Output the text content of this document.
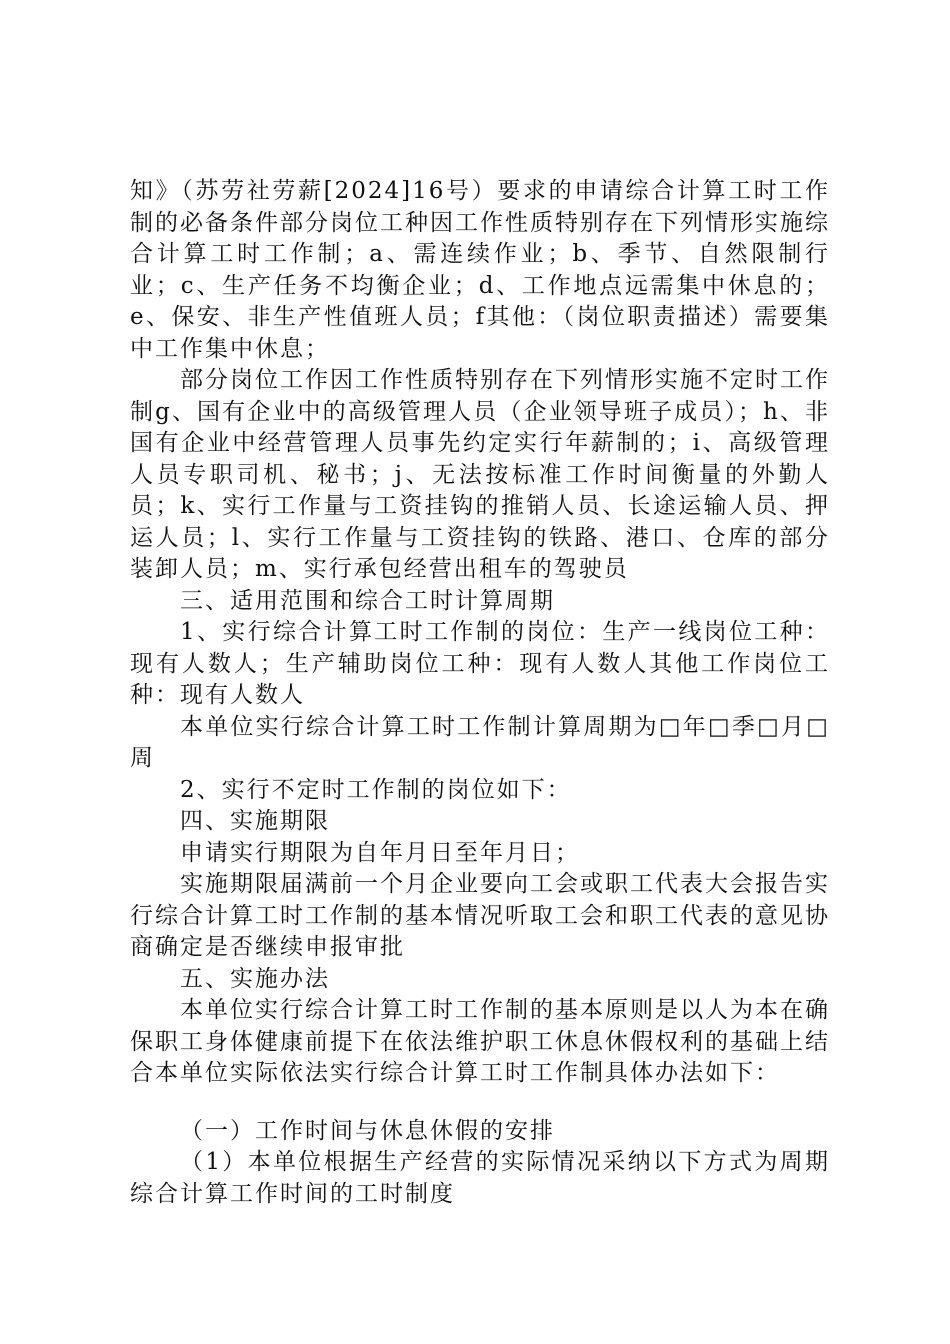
知》（苏劳社劳薪[2024]16号）要求的申请综合计算工时工作制的必备条件部分岗位工种因工作性质特别存在下列情形实施综合计算工时工作制；a、需连续作业；b、季节、自然限制行业；c、生产任务不均衡企业；d、工作地点远需集中休息的；e、保安、非生产性值班人员；f其他：（岗位职责描述）需要集中工作集中休息；

部分岗位工作因工作性质特别存在下列情形实施不定时工作制g、国有企业中的高级管理人员（企业领导班子成员）；h、非国有企业中经营管理人员事先约定实行年薪制的；i、高级管理人员专职司机、秘书；j、无法按标准工作时间衡量的外勤人员；k、实行工作量与工资挂钩的推销人员、长途运输人员、押运人员；l、实行工作量与工资挂钩的铁路、港口、仓库的部分装卸人员；m、实行承包经营出租车的驾驶员

三、适用范围和综合工时计算周期

1、实行综合计算工时工作制的岗位：生产一线岗位工种：现有人数人；生产辅助岗位工种：现有人数人其他工作岗位工种：现有人数人

本单位实行综合计算工时工作制计算周期为□年□季□月□周

2、实行不定时工作制的岗位如下：

四、实施期限

申请实行期限为自年月日至年月日；

实施期限届满前一个月企业要向工会或职工代表大会报告实行综合计算工时工作制的基本情况听取工会和职工代表的意见协商确定是否继续申报审批

五、实施办法

本单位实行综合计算工时工作制的基本原则是以人为本在确保职工身体健康前提下在依法维护职工休息休假权利的基础上结合本单位实际依法实行综合计算工时工作制具体办法如下：

（一）工作时间与休息休假的安排

（1）本单位根据生产经营的实际情况采纳以下方式为周期综合计算工作时间的工时制度
